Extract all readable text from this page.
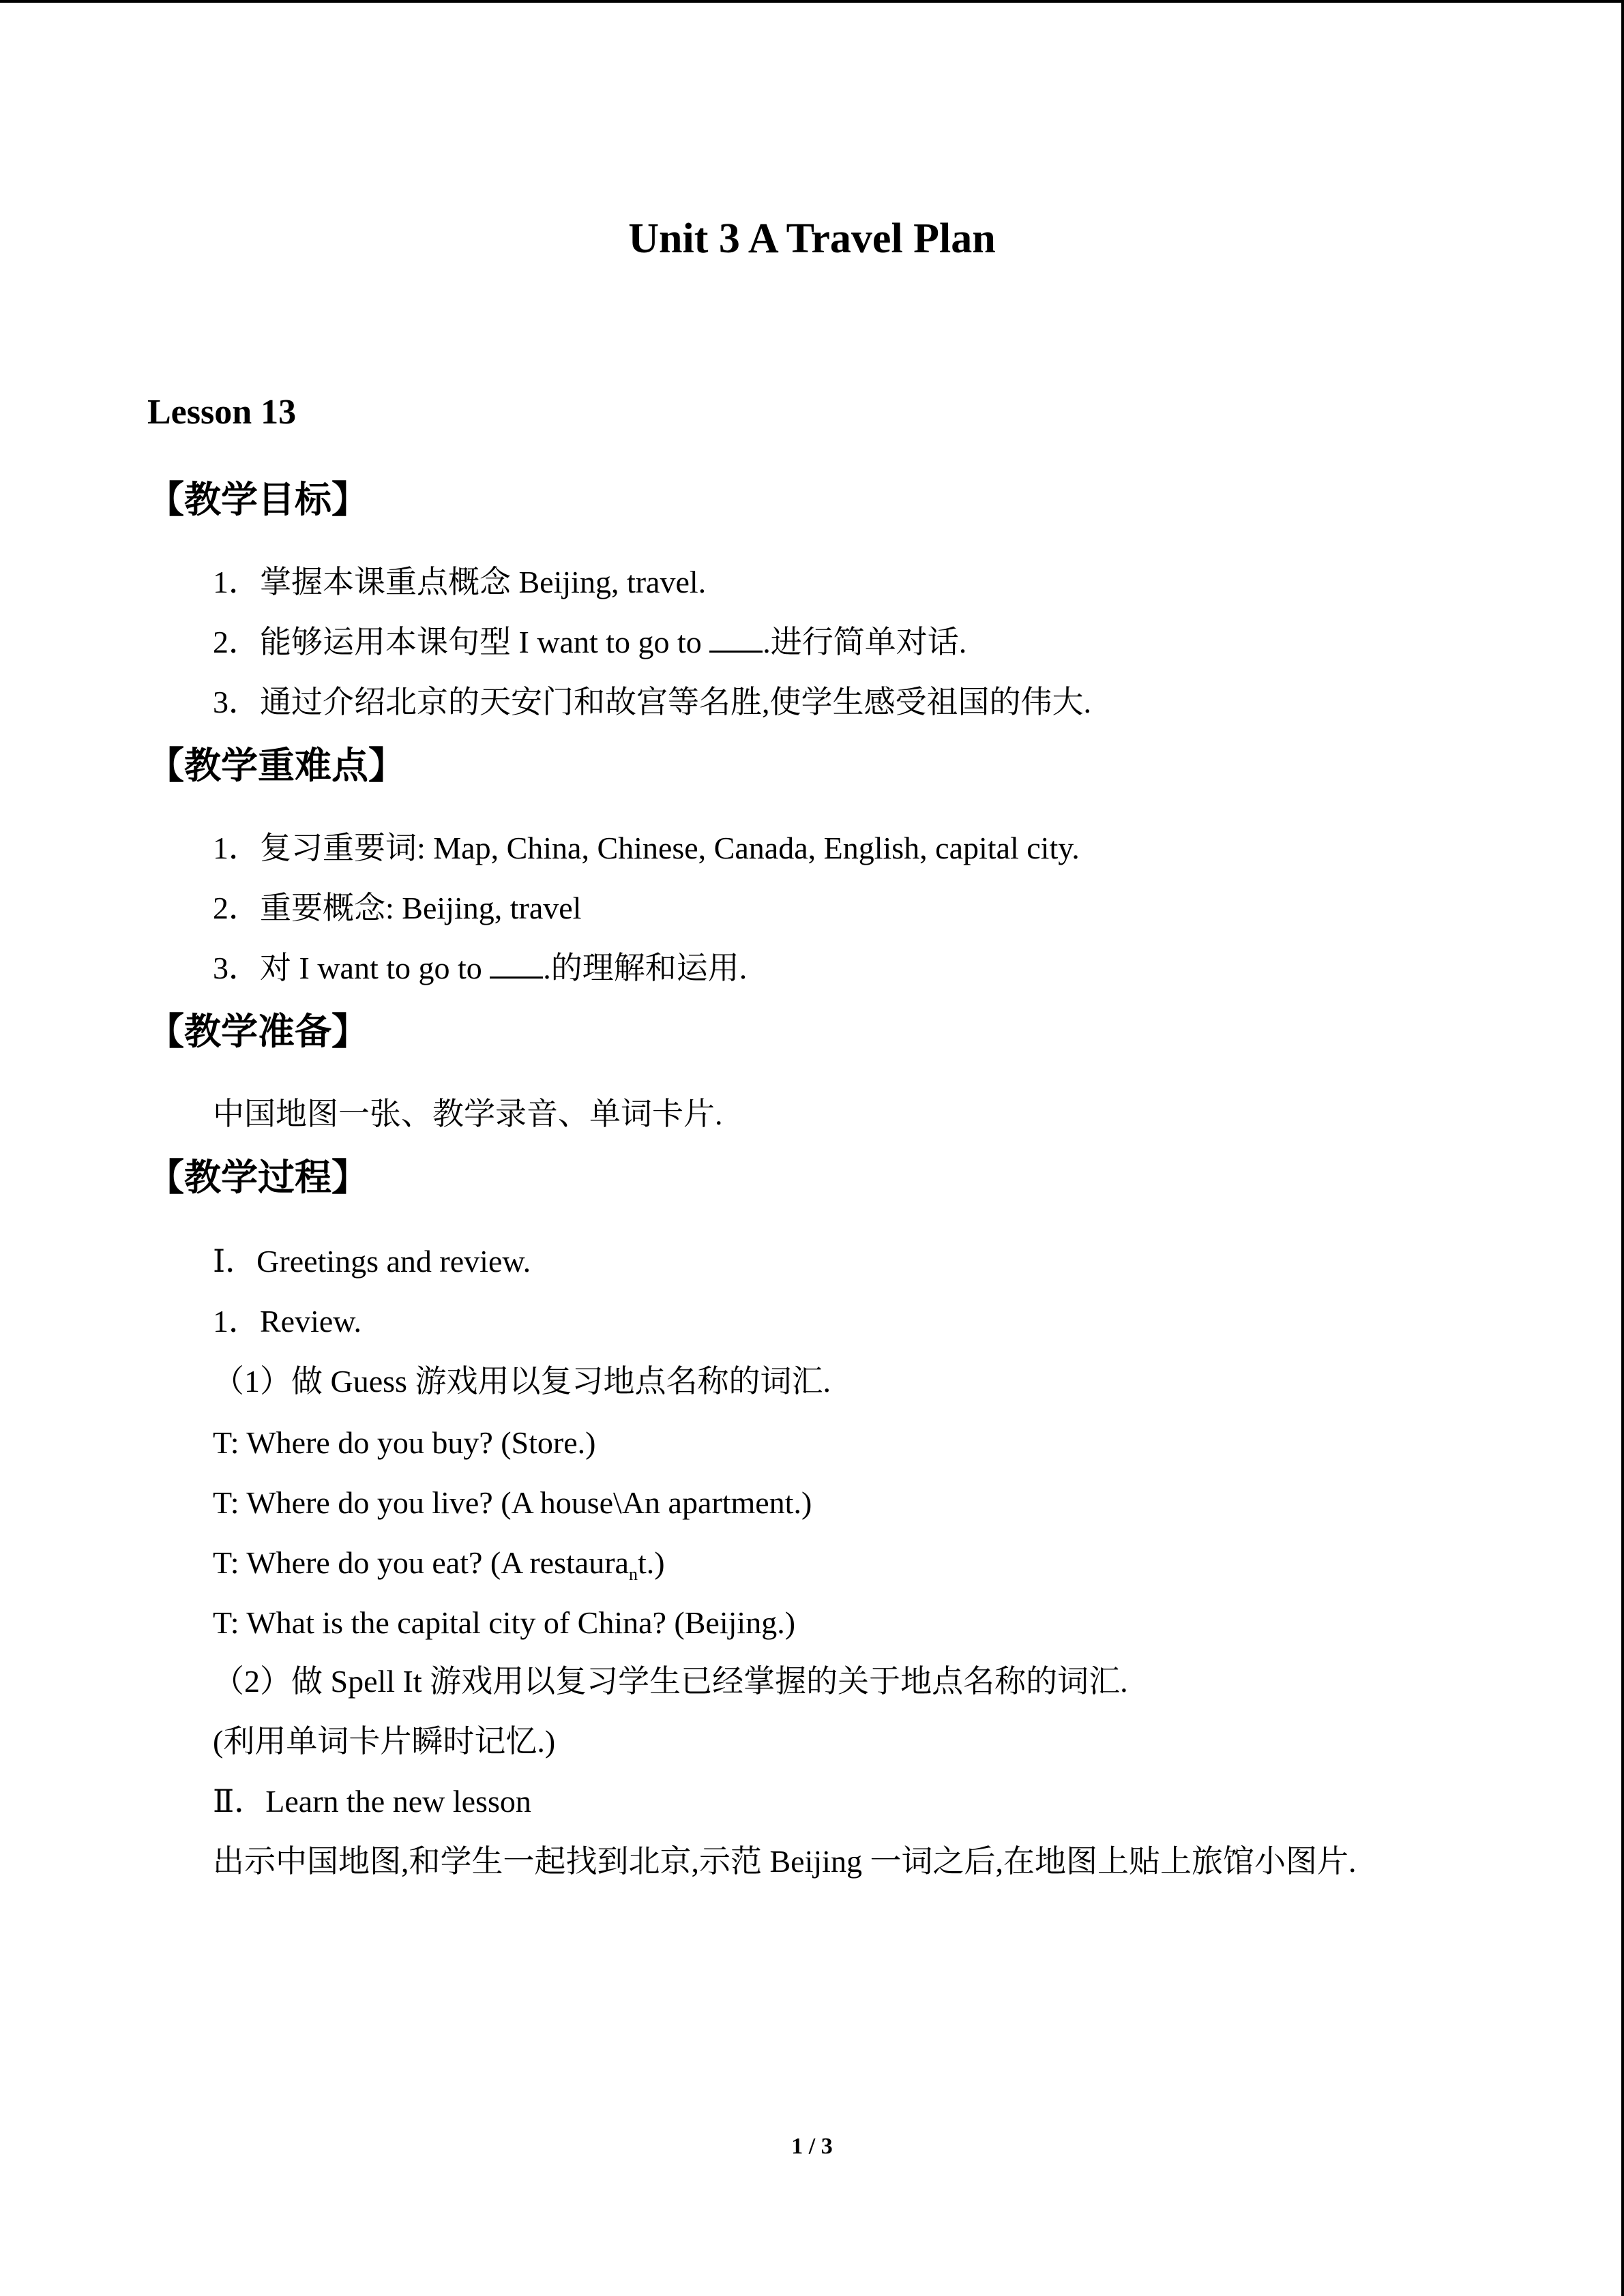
Unit 3 A Travel Plan
Lesson 13
【教学目标】
1．掌握本课重点概念 Beijing, travel.
2．能够运用本课句型 I want to go to .进行简单对话.
3．通过介绍北京的天安门和故宫等名胜,使学生感受祖国的伟大.
【教学重难点】
1．复习重要词: Map, China, Chinese, Canada, English, capital city.
2．重要概念: Beijing, travel
3．对 I want to go to .的理解和运用.
【教学准备】
中国地图一张、教学录音、单词卡片.
【教学过程】
Ⅰ．Greetings and review.
1．Review.
（1）做 Guess 游戏用以复习地点名称的词汇.
T: Where do you buy? (Store.)
T: Where do you live? (A house\An apartment.)
T: Where do you eat? (A restaura$_n$t.)
T: What is the capital city of China? (Beijing.)
（2）做 Spell It 游戏用以复习学生已经掌握的关于地点名称的词汇.
(利用单词卡片瞬时记忆.)
Ⅱ．Learn the new lesson
出示中国地图,和学生一起找到北京,示范 Beijing 一词之后,在地图上贴上旅馆小图片.
1 / 3
